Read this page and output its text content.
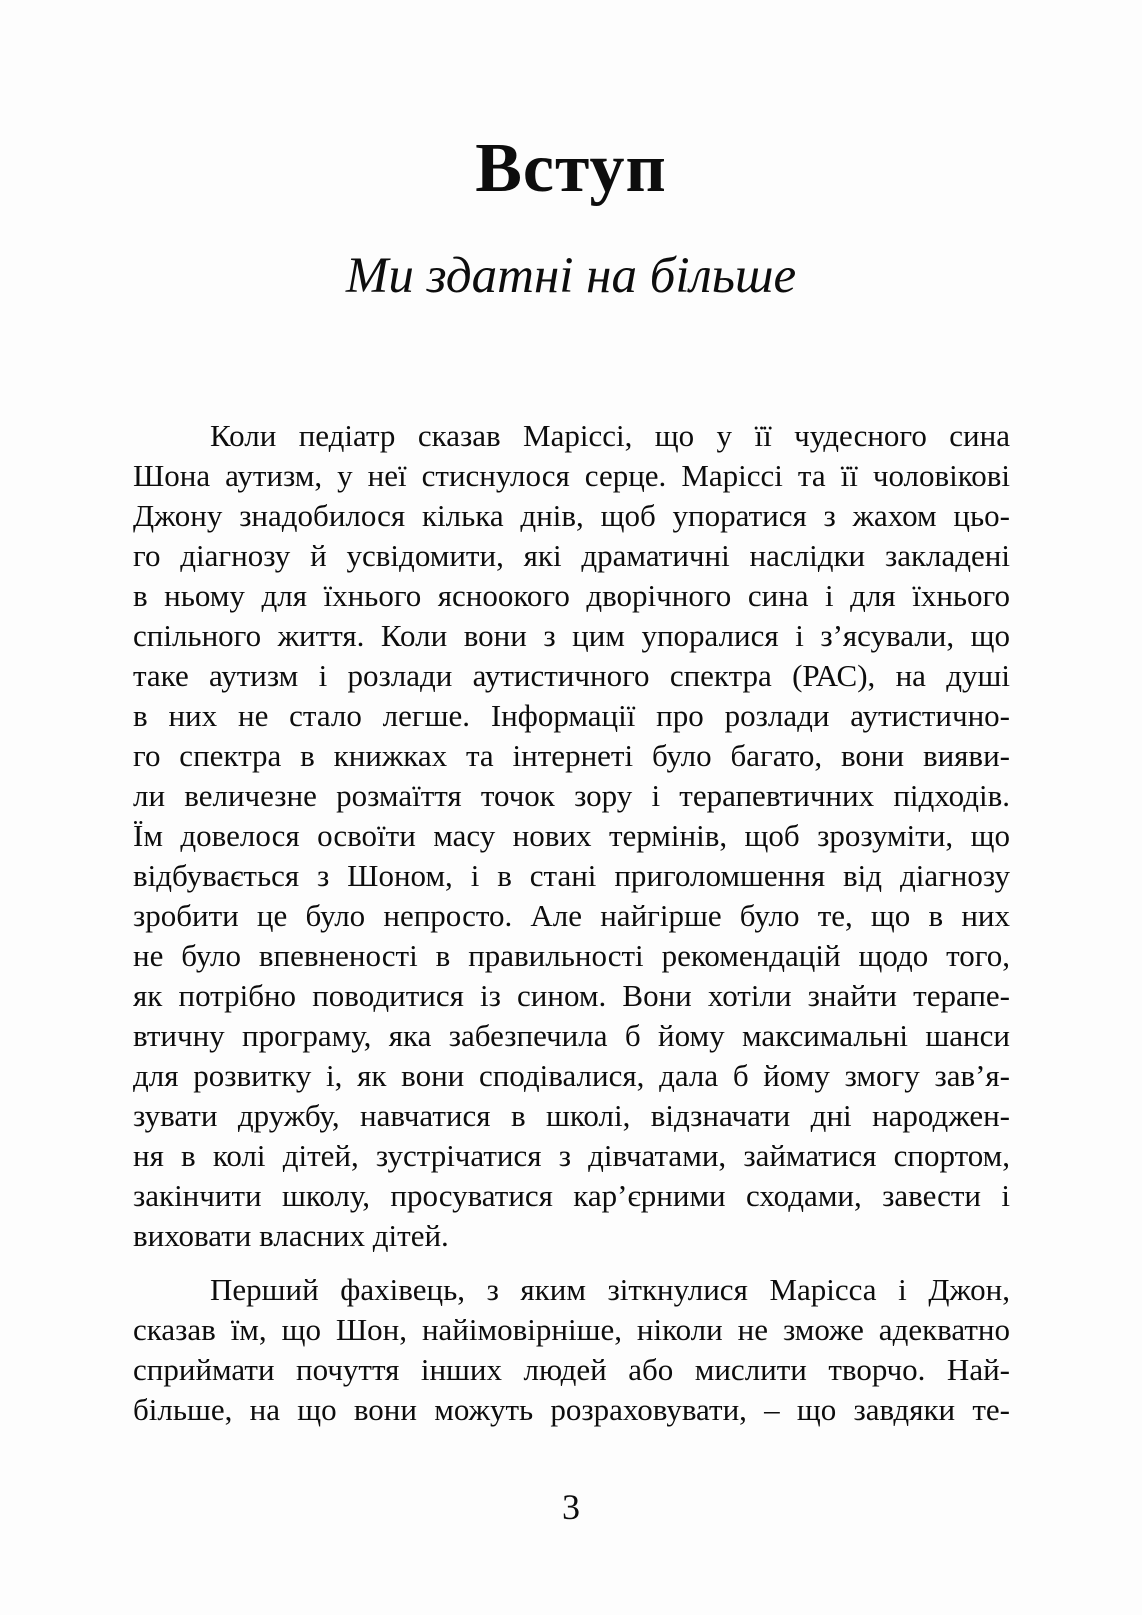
Вступ
Ми здатні на більше
Коли педіатр сказав Маріссі, що у її чудесного сина
Шона аутизм, у неї стиснулося серце. Маріссі та її чоловікові
Джону знадобилося кілька днів, щоб упоратися з жахом цьо-
го діагнозу й усвідомити, які драматичні наслідки закладені
в ньому для їхнього ясноокого дворічного сина і для їхнього
спільного життя. Коли вони з цим упоралися і з’ясували, що
таке аутизм і розлади аутистичного спектра (РАС), на душі
в них не стало легше. Інформації про розлади аутистично-
го спектра в книжках та інтернеті було багато, вони вияви-
ли величезне розмаїття точок зору і терапевтичних підходів.
Їм довелося освоїти масу нових термінів, щоб зрозуміти, що
відбувається з Шоном, і в стані приголомшення від діагнозу
зробити це було непросто. Але найгірше було те, що в них
не було впевненості в правильності рекомендацій щодо того,
як потрібно поводитися із сином. Вони хотіли знайти терапе-
втичну програму, яка забезпечила б йому максимальні шанси
для розвитку і, як вони сподівалися, дала б йому змогу зав’я-
зувати дружбу, навчатися в школі, відзначати дні народжен-
ня в колі дітей, зустрічатися з дівчатами, займатися спортом,
закінчити школу, просуватися кар’єрними сходами, завести і
виховати власних дітей.
Перший фахівець, з яким зіткнулися Марісса і Джон,
сказав їм, що Шон, найімовірніше, ніколи не зможе адекватно
сприймати почуття інших людей або мислити творчо. Най-
більше, на що вони можуть розраховувати, – що завдяки те-
3
